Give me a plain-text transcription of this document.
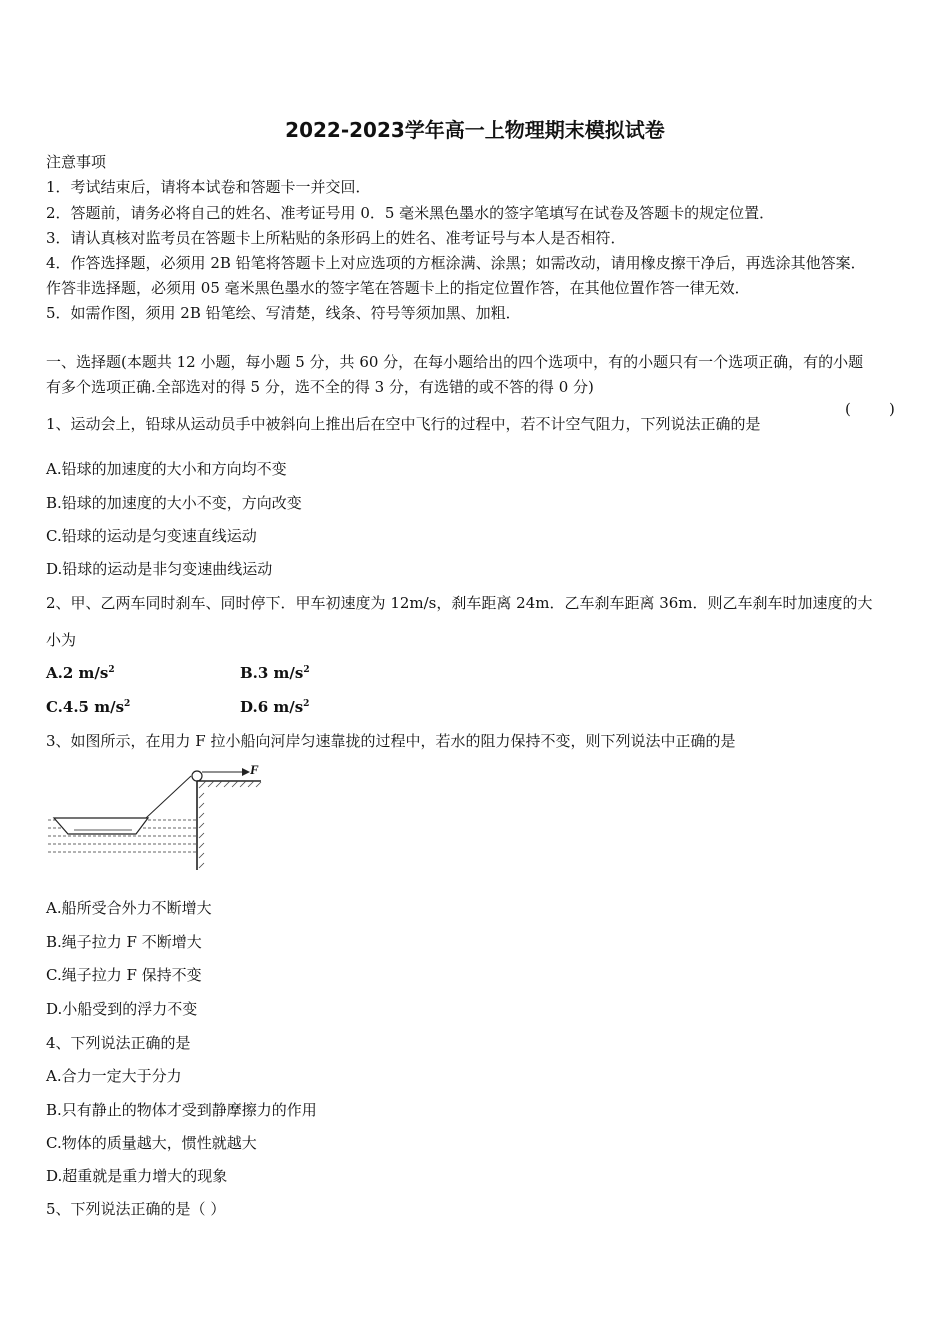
2022-2023学年高一上物理期末模拟试卷
注意事项
1．考试结束后，请将本试卷和答题卡一并交回．
2．答题前，请务必将自己的姓名、准考证号用 0．5 毫米黑色墨水的签字笔填写在试卷及答题卡的规定位置．
3．请认真核对监考员在答题卡上所粘贴的条形码上的姓名、准考证号与本人是否相符．
4．作答选择题，必须用 2B 铅笔将答题卡上对应选项的方框涂满、涂黑；如需改动，请用橡皮擦干净后，再选涂其他答案．
作答非选择题，必须用 05 毫米黑色墨水的签字笔在答题卡上的指定位置作答，在其他位置作答一律无效．
5．如需作图，须用 2B 铅笔绘、写清楚，线条、符号等须加黑、加粗．
一、选择题(本题共 12 小题，每小题 5 分，共 60 分，在每小题给出的四个选项中，有的小题只有一个选项正确，有的小题
有多个选项正确.全部选对的得 5 分，选不全的得 3 分，有选错的或不答的得 0 分)
1、运动会上，铅球从运动员手中被斜向上推出后在空中飞行的过程中，若不计空气阻力，下列说法正确的是
(        )
A.铅球的加速度的大小和方向均不变
B.铅球的加速度的大小不变，方向改变
C.铅球的运动是匀变速直线运动
D.铅球的运动是非匀变速曲线运动
2、甲、乙两车同时刹车、同时停下．甲车初速度为 12m/s，刹车距离 24m．乙车刹车距离 36m．则乙车刹车时加速度的大
小为
A.2 $m/s^2$	B.3 $m/s^2$
C.4.5 $m/s^2$	D.6 $m/s^2$
3、如图所示，在用力 F 拉小船向河岸匀速靠拢的过程中，若水的阻力保持不变，则下列说法中正确的是
F
A.船所受合外力不断增大
B.绳子拉力 F 不断增大
C.绳子拉力 F 保持不变
D.小船受到的浮力不变
4、下列说法正确的是
A.合力一定大于分力
B.只有静止的物体才受到静摩擦力的作用
C.物体的质量越大，惯性就越大
D.超重就是重力增大的现象
5、下列说法正确的是（ ）
